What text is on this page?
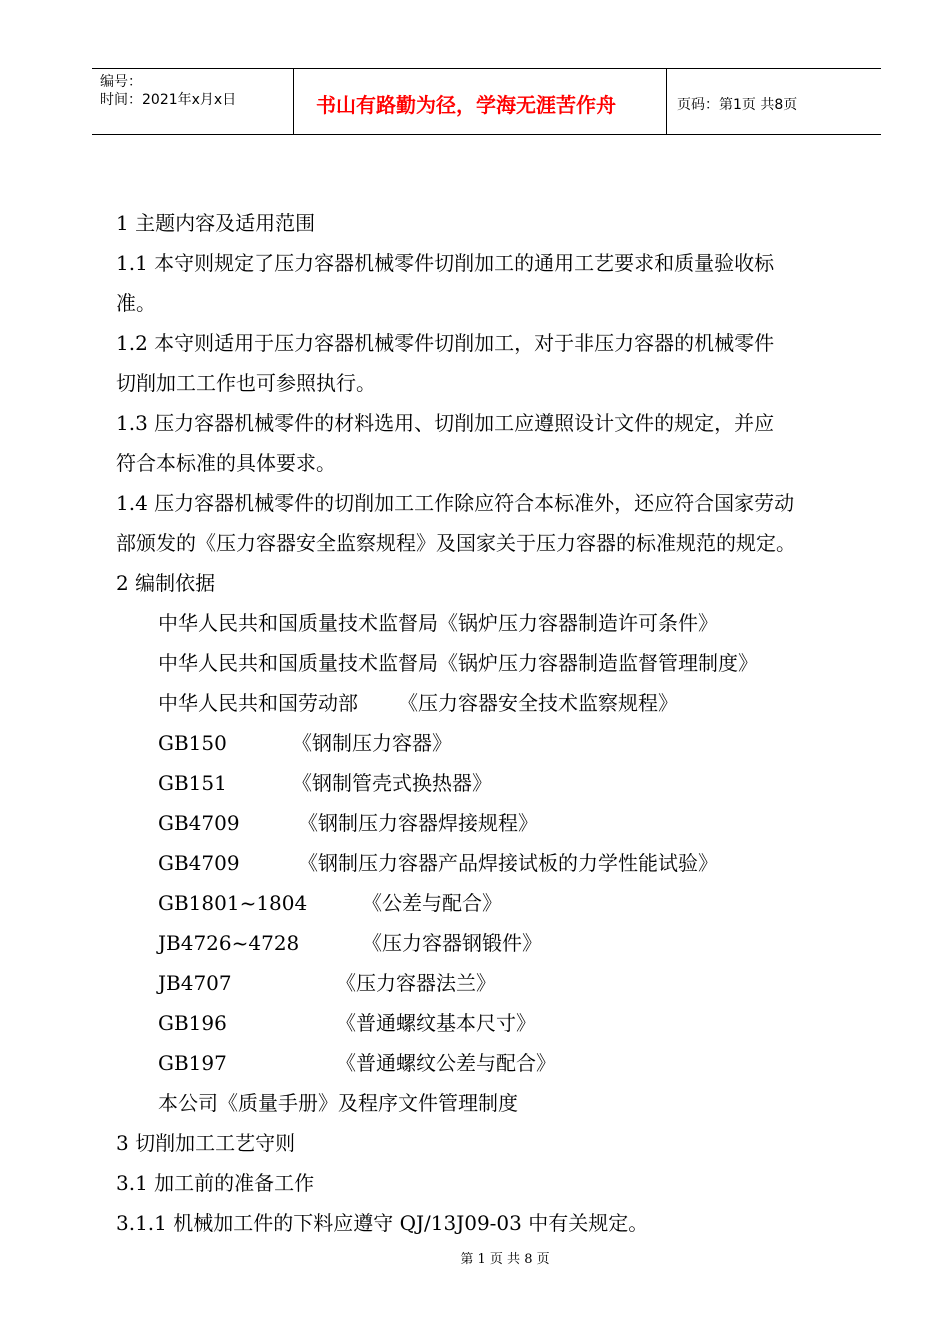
编号：
时间：2021年x月x日	书山有路勤为径，学海无涯苦作舟	页码：第1页 共8页
1 主题内容及适用范围
1.1 本守则规定了压力容器机械零件切削加工的通用工艺要求和质量验收标
准。
1.2 本守则适用于压力容器机械零件切削加工，对于非压力容器的机械零件
切削加工工作也可参照执行。
1.3 压力容器机械零件的材料选用、切削加工应遵照设计文件的规定，并应
符合本标准的具体要求。
1.4 压力容器机械零件的切削加工工作除应符合本标准外，还应符合国家劳动
部颁发的《压力容器安全监察规程》及国家关于压力容器的标准规范的规定。
2 编制依据
中华人民共和国质量技术监督局《锅炉压力容器制造许可条件》
中华人民共和国质量技术监督局《锅炉压力容器制造监督管理制度》
中华人民共和国劳动部 《压力容器安全技术监察规程》
GB150	《钢制压力容器》
GB151	《钢制管壳式换热器》
GB4709	《钢制压力容器焊接规程》
GB4709	《钢制压力容器产品焊接试板的力学性能试验》
GB1801~1804	《公差与配合》
JB4726~4728	《压力容器钢锻件》
JB4707	《压力容器法兰》
GB196	《普通螺纹基本尺寸》
GB197	《普通螺纹公差与配合》
本公司《质量手册》及程序文件管理制度
3 切削加工工艺守则
3.1 加工前的准备工作
3.1.1 机械加工件的下料应遵守 QJ/13J09-03 中有关规定。
第 1 页 共 8 页
